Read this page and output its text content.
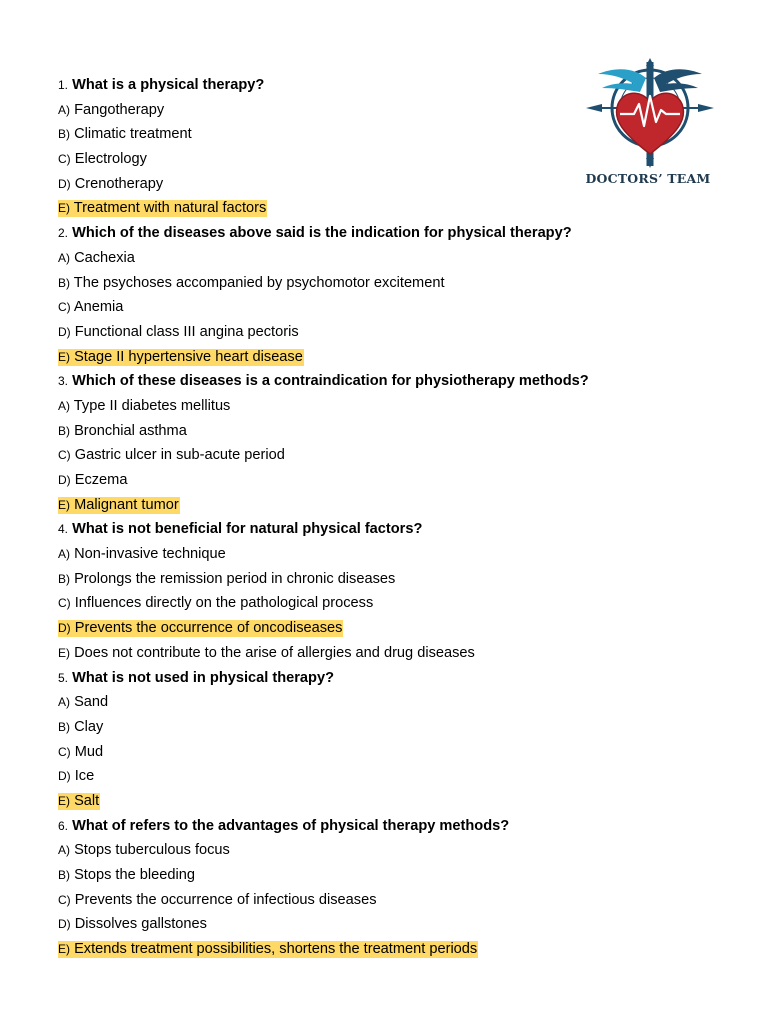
1. What is a physical therapy?
A) Fangotherapy
B) Climatic treatment
C) Electrology
D) Crenotherapy
E) Treatment with natural factors
2. Which of the diseases above said is the indication for physical therapy?
A) Cachexia
B) The psychoses accompanied by psychomotor excitement
C) Anemia
D) Functional class III angina pectoris
E) Stage II hypertensive heart disease
3. Which of these diseases is a contraindication for physiotherapy methods?
A) Type II diabetes mellitus
B) Bronchial asthma
C) Gastric ulcer in sub-acute period
D) Eczema
E) Malignant tumor
4. What is not beneficial for natural physical factors?
A) Non-invasive technique
B) Prolongs the remission period in chronic diseases
C) Influences directly on the pathological process
D) Prevents the occurrence of oncodiseases
E) Does not contribute to the arise of allergies and drug diseases
5. What is not used in physical therapy?
A) Sand
B) Clay
C) Mud
D) Ice
E) Salt
6. What of refers to the advantages of physical therapy methods?
A) Stops tuberculous focus
B) Stops the bleeding
C) Prevents the occurrence of infectious diseases
D) Dissolves gallstones
E) Extends treatment possibilities, shortens the treatment periods
DOCTORS’ TEAM
